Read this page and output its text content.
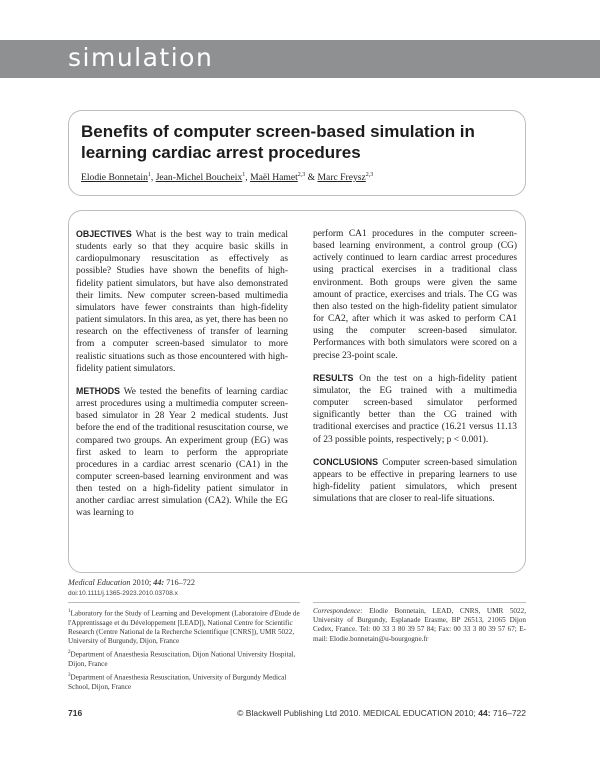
simulation
Benefits of computer screen-based simulation in learning cardiac arrest procedures
Elodie Bonnetain$^1$, Jean-Michel Boucheix$^1$, Maël Hamet$^{2,3}$ & Marc Freysz$^{2,3}$

OBJECTIVES What is the best way to train medical students early so that they acquire basic skills in cardiopulmonary resuscitation as effectively as possible? Studies have shown the benefits of high-fidelity patient simulators, but have also demonstrated their limits. New computer screen-based multimedia simulators have fewer constraints than high-fidelity patient simulators. In this area, as yet, there has been no research on the effectiveness of transfer of learning from a computer screen-based simulator to more realistic situations such as those encountered with high-fidelity patient simulators.

METHODS We tested the benefits of learning cardiac arrest procedures using a multimedia computer screen-based simulator in 28 Year 2 medical students. Just before the end of the traditional resuscitation course, we compared two groups. An experiment group (EG) was first asked to learn to perform the appropriate procedures in a cardiac arrest scenario (CA1) in the computer screen-based learning environment and was then tested on a high-fidelity patient simulator in another cardiac arrest simulation (CA2). While the EG was learning to

perform CA1 procedures in the computer screen-based learning environment, a control group (CG) actively continued to learn cardiac arrest procedures using practical exercises in a traditional class environment. Both groups were given the same amount of practice, exercises and trials. The CG was then also tested on the high-fidelity patient simulator for CA2, after which it was asked to perform CA1 using the computer screen-based simulator. Performances with both simulators were scored on a precise 23-point scale.

RESULTS On the test on a high-fidelity patient simulator, the EG trained with a multimedia computer screen-based simulator performed significantly better than the CG trained with traditional exercises and practice (16.21 versus 11.13 of 23 possible points, respectively; p < 0.001).

CONCLUSIONS Computer screen-based simulation appears to be effective in preparing learners to use high-fidelity patient simulators, which present simulations that are closer to real-life situations.

Medical Education 2010; 44: 716–722
doi:10.1111/j.1365-2923.2010.03708.x

$^1$Laboratory for the Study of Learning and Development (Laboratoire d'Etude de l'Apprentissage et du Développement [LEAD]), National Centre for Scientific Research (Centre National de la Recherche Scientifique [CNRS]), UMR 5022, University of Burgundy, Dijon, France

$^2$Department of Anaesthesia Resuscitation, Dijon National University Hospital, Dijon, France

$^3$Department of Anaesthesia Resuscitation, University of Burgundy Medical School, Dijon, France

Correspondence: Elodie Bonnetain, LEAD, CNRS, UMR 5022, University of Burgundy, Esplanade Erasme, BP 26513, 21065 Dijon Cedex, France. Tel: 00 33 3 80 39 57 84; Fax: 00 33 3 80 39 57 67; E-mail: Elodie.bonnetain@u-bourgogne.fr
716	© Blackwell Publishing Ltd 2010. MEDICAL EDUCATION 2010; 44: 716–722
